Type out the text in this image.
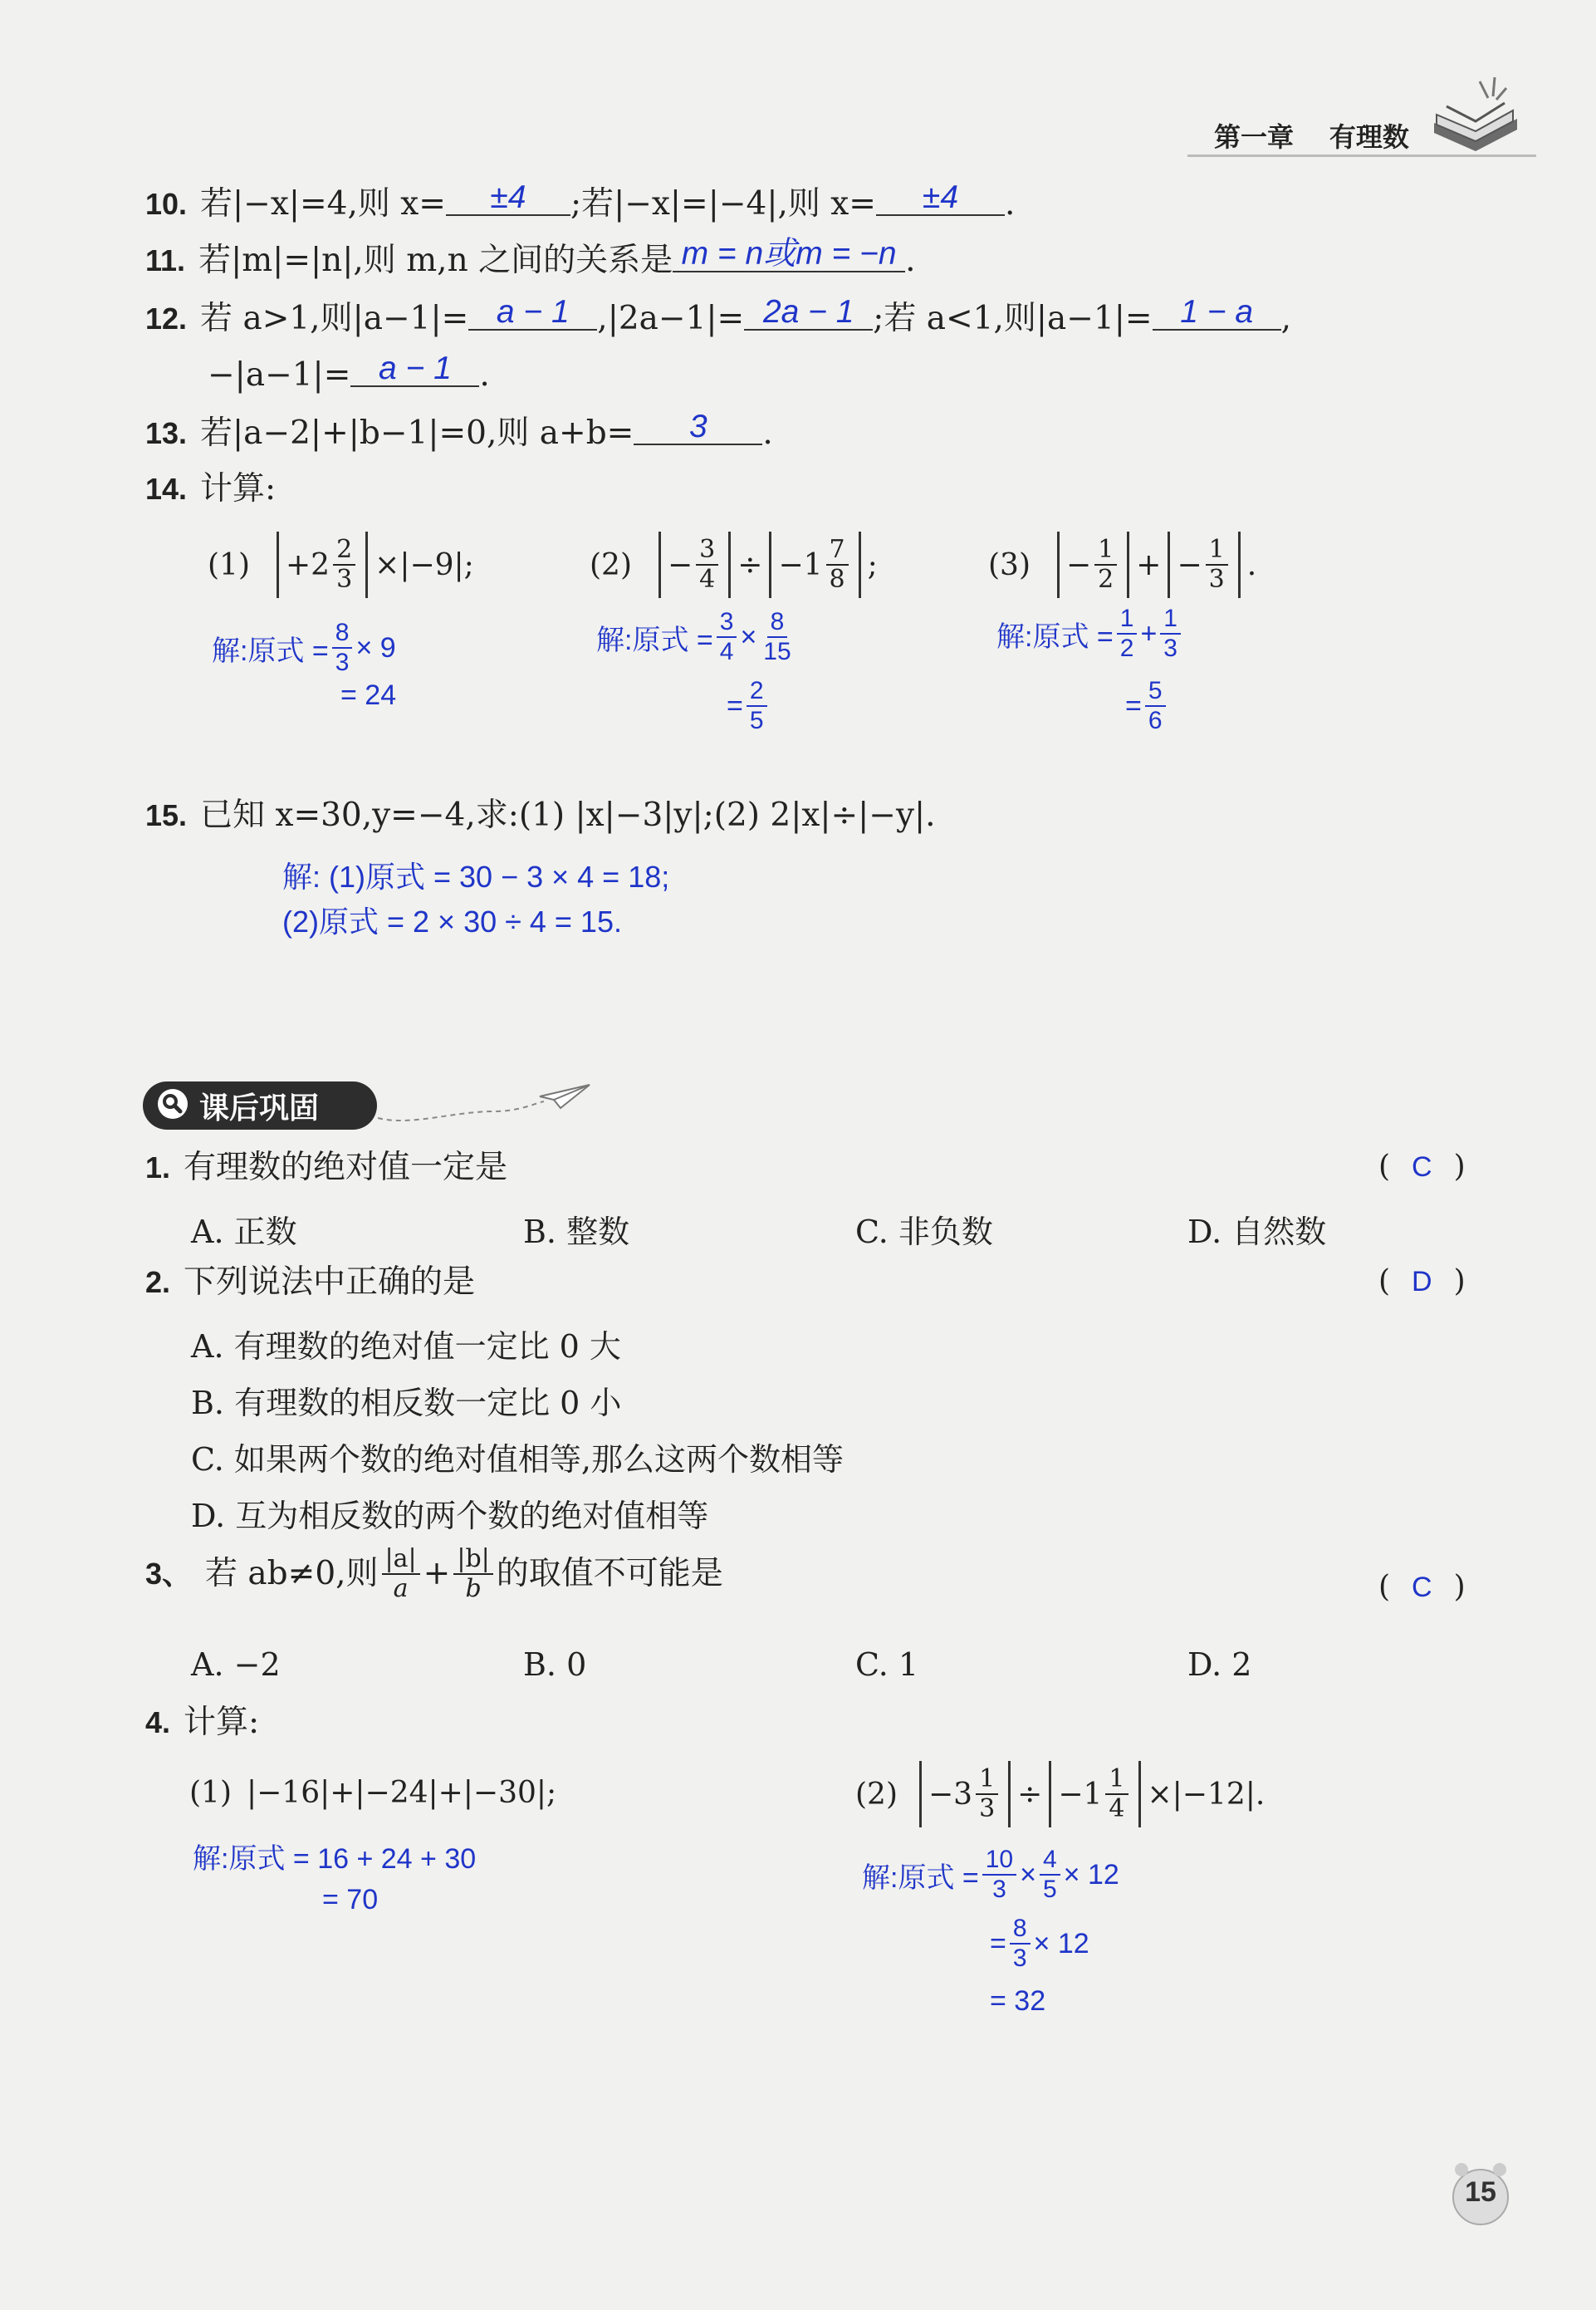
第一章 有理数
10. 若|−x|=4,则 x= ±4 ;若|−x|=|−4|,则 x= ±4 .
11. 若|m|=|n|,则 m,n 之间的关系是 m = n或m = −n .
12. 若 a>1,则|a−1|= a − 1 ,|2a−1|= 2a − 1 ;若 a<1,则|a−1|= 1 − a ,
−|a−1|= a − 1 .
13. 若|a−2|+|b−1|=0,则 a+b= 3 .
14. 计算:
$(1) +2 \frac{2}{3} \times|-9|$;
解:原式 = $\frac{8}{3} \times 9$
= 24
$(2) - \frac{3}{4} \div -1 \frac{7}{8}$ ;
解:原式 = $\frac{3}{4} \times \frac{8}{15}$
= $\frac{2}{5}$
$(3) - \frac{1}{2}$ + − $\frac{1}{3}$ .
解:原式 = $\frac{1}{2} + \frac{1}{3}$
= $\frac{5}{6}$
15. 已知 x=30,y=−4,求:(1) |x|−3|y|;(2) 2|x|÷|−y|.
解: (1)原式 = 30 − 3 × 4 = 18;
(2)原式 = 2 × 30 ÷ 4 = 15.
课后巩固
1. 有理数的绝对值一定是	( C )
A. 正数	B. 整数	C. 非负数	D. 自然数
2. 下列说法中正确的是	( D )
A. 有理数的绝对值一定比 0 大
B. 有理数的相反数一定比 0 小
C. 如果两个数的绝对值相等,那么这两个数相等
D. 互为相反数的两个数的绝对值相等
3、 若 ab≠0,则 $\frac{|a|}{a} + \frac{|b|}{b}$ 的取值不可能是	( C )
A. −2	B. 0	C. 1	D. 2
4. 计算:
(1) |−16|+|−24|+|−30|;
解:原式 = 16 + 24 + 30
= 70
$(2) -3 \frac{1}{3} \div -1 \frac{1}{4} \times|-12|$.
解:原式 = $\frac{10}{3} \times \frac{4}{5} \times 12$
= $\frac{8}{3} \times 12$
= 32
15
